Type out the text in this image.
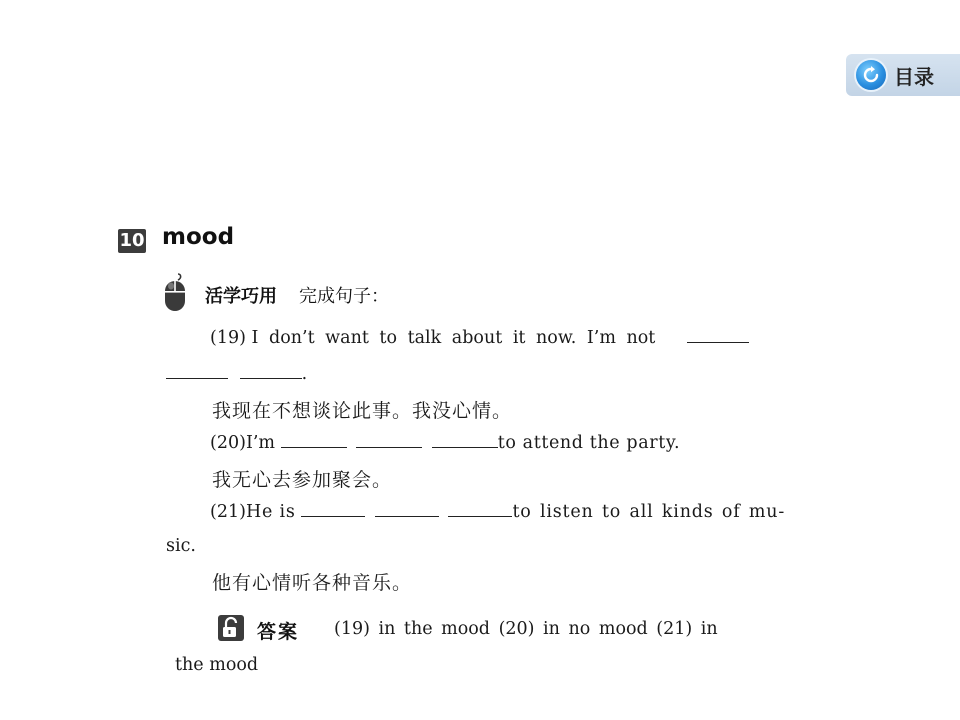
目录
10 mood
活学巧用 完成句子：
(19) I don’t want to talk about it now. I’m not
.
我现在不想谈论此事。我没心情。
(20)I’m	to attend the party.
我无心去参加聚会。
(21)He is	to listen to all kinds of mu-
sic.
他有心情听各种音乐。
答案 (19) in the mood (20) in no mood (21) in
the mood
